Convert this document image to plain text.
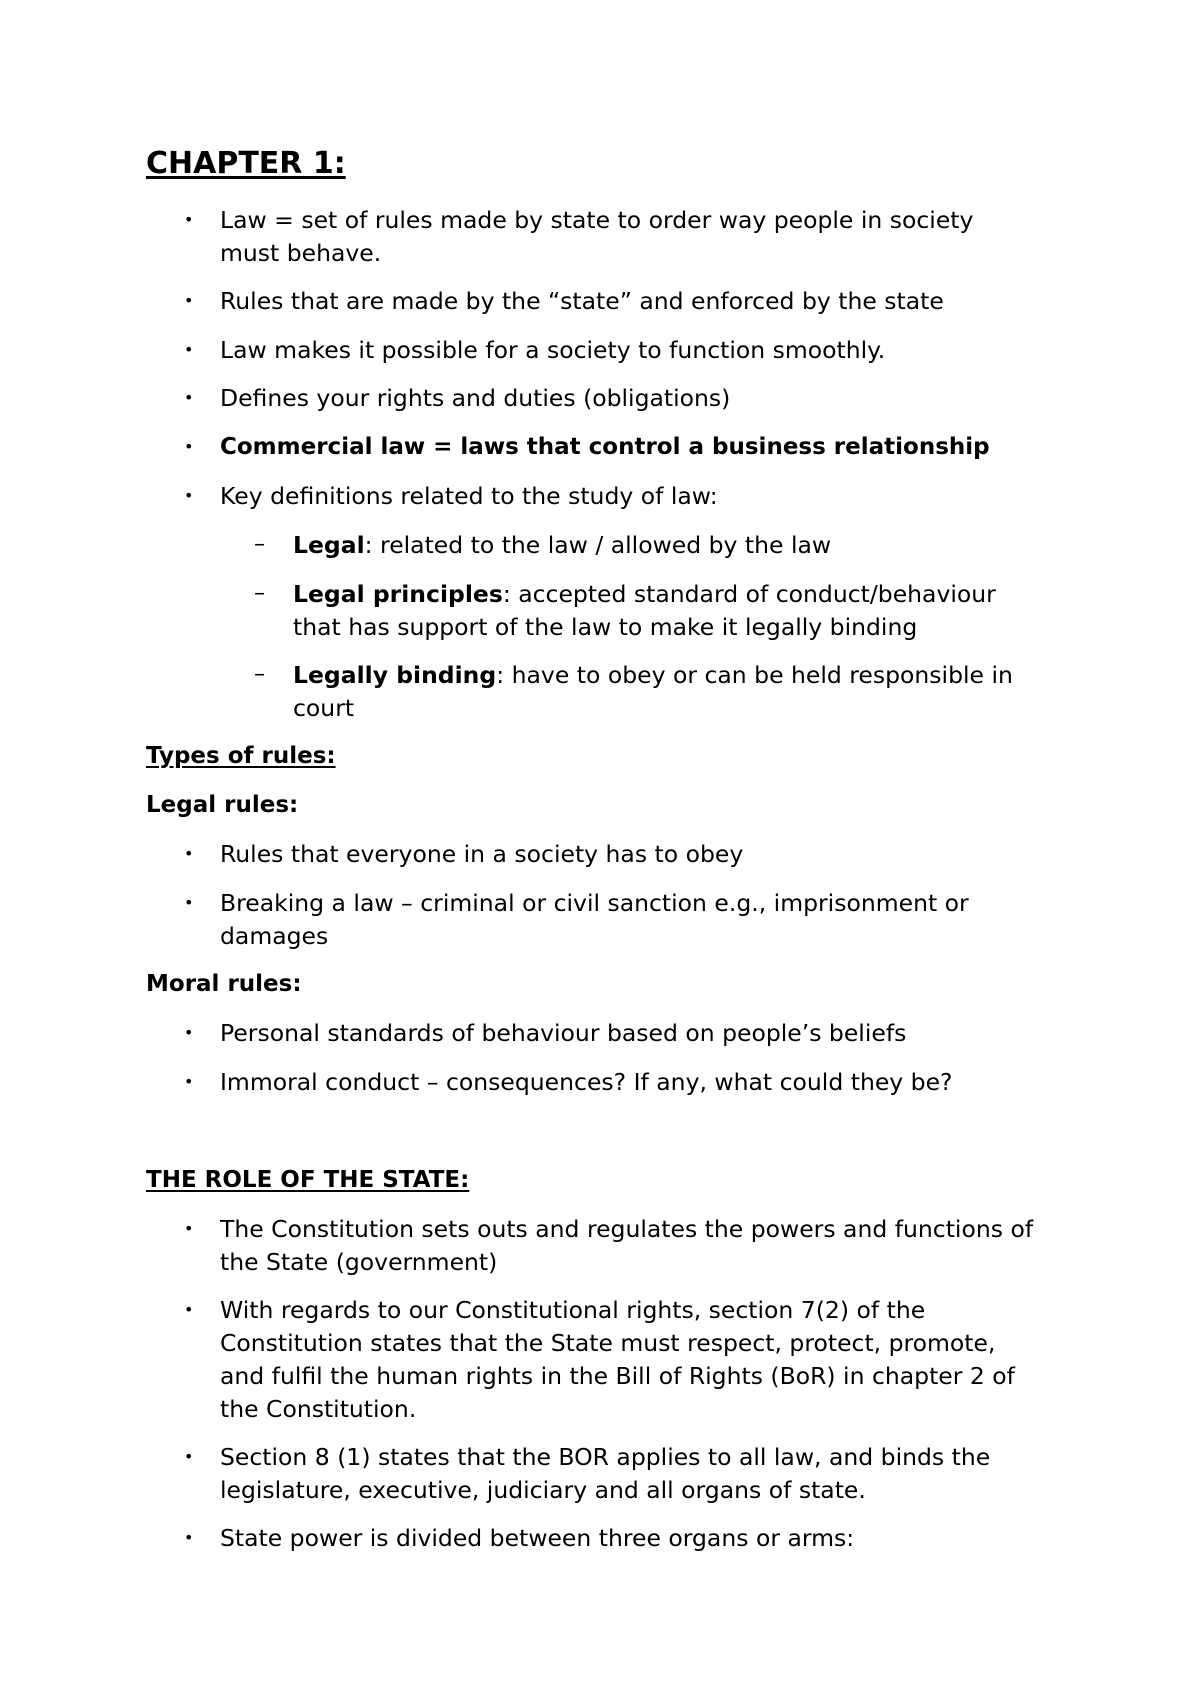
CHAPTER 1:
• Law = set of rules made by state to order way people in society
must behave.
• Rules that are made by the “state” and enforced by the state
• Law makes it possible for a society to function smoothly.
• Defines your rights and duties (obligations)
• Commercial law = laws that control a business relationship
• Key definitions related to the study of law:
– Legal: related to the law / allowed by the law
– Legal principles: accepted standard of conduct/behaviour
that has support of the law to make it legally binding
– Legally binding: have to obey or can be held responsible in
court
Types of rules:
Legal rules:
• Rules that everyone in a society has to obey
• Breaking a law – criminal or civil sanction e.g., imprisonment or
damages
Moral rules:
• Personal standards of behaviour based on people’s beliefs
• Immoral conduct – consequences? If any, what could they be?
THE ROLE OF THE STATE:
• The Constitution sets outs and regulates the powers and functions of
the State (government)
• With regards to our Constitutional rights, section 7(2) of the
Constitution states that the State must respect, protect, promote,
and fulfil the human rights in the Bill of Rights (BoR) in chapter 2 of
the Constitution.
• Section 8 (1) states that the BOR applies to all law, and binds the
legislature, executive, judiciary and all organs of state.
• State power is divided between three organs or arms:
